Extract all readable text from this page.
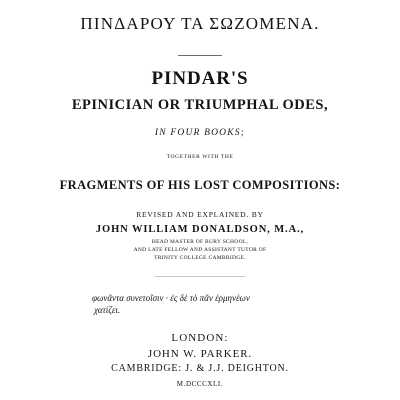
ΠΙΝΔΑΡΟΥ ΤΑ ΣΩΖΟΜΕΝΑ.
PINDAR'S
EPINICIAN OR TRIUMPHAL ODES,
IN FOUR BOOKS;
TOGETHER WITH THE
FRAGMENTS OF HIS LOST COMPOSITIONS:
REVISED AND EXPLAINED. BY
JOHN WILLIAM DONALDSON, M.A.,
HEAD MASTER OF BURY SCHOOL,
AND LATE FELLOW AND ASSISTANT TUTOR OF
TRINITY COLLEGE CAMBRIDGE.
φωνᾶντα συνετοῖσιν · ἐς δὲ τὸ πᾶν ἑρμηνέων
χατίζει.
LONDON:
JOHN W. PARKER.
CAMBRIDGE: J. & J.J. DEIGHTON.
M.DCCCXLI.
